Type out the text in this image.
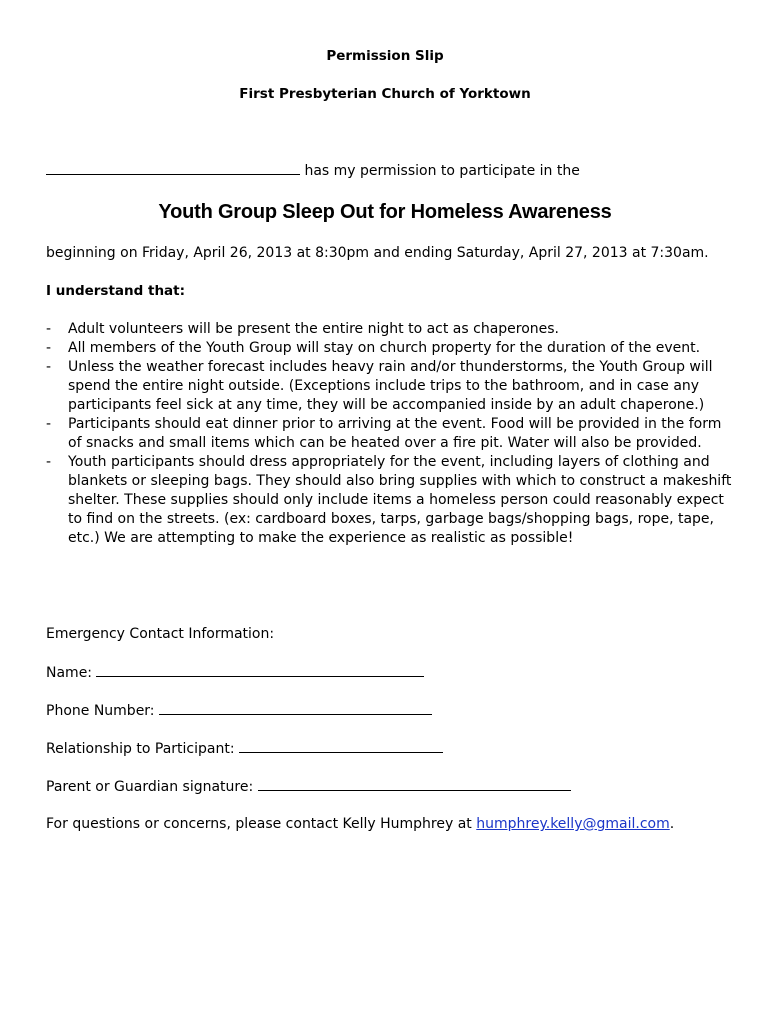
Permission Slip
First Presbyterian Church of Yorktown
has my permission to participate in the
Youth Group Sleep Out for Homeless Awareness
beginning on Friday, April 26, 2013 at 8:30pm and ending Saturday, April 27, 2013 at 7:30am.
I understand that:
- Adult volunteers will be present the entire night to act as chaperones.
- All members of the Youth Group will stay on church property for the duration of the event.
- Unless the weather forecast includes heavy rain and/or thunderstorms, the Youth Group will spend the entire night outside. (Exceptions include trips to the bathroom, and in case any participants feel sick at any time, they will be accompanied inside by an adult chaperone.)
- Participants should eat dinner prior to arriving at the event. Food will be provided in the form of snacks and small items which can be heated over a fire pit. Water will also be provided.
- Youth participants should dress appropriately for the event, including layers of clothing and blankets or sleeping bags. They should also bring supplies with which to construct a makeshift shelter. These supplies should only include items a homeless person could reasonably expect to find on the streets. (ex: cardboard boxes, tarps, garbage bags/shopping bags, rope, tape, etc.) We are attempting to make the experience as realistic as possible!
Emergency Contact Information:
Name:
Phone Number:
Relationship to Participant:
Parent or Guardian signature:
For questions or concerns, please contact Kelly Humphrey at humphrey.kelly@gmail.com.
